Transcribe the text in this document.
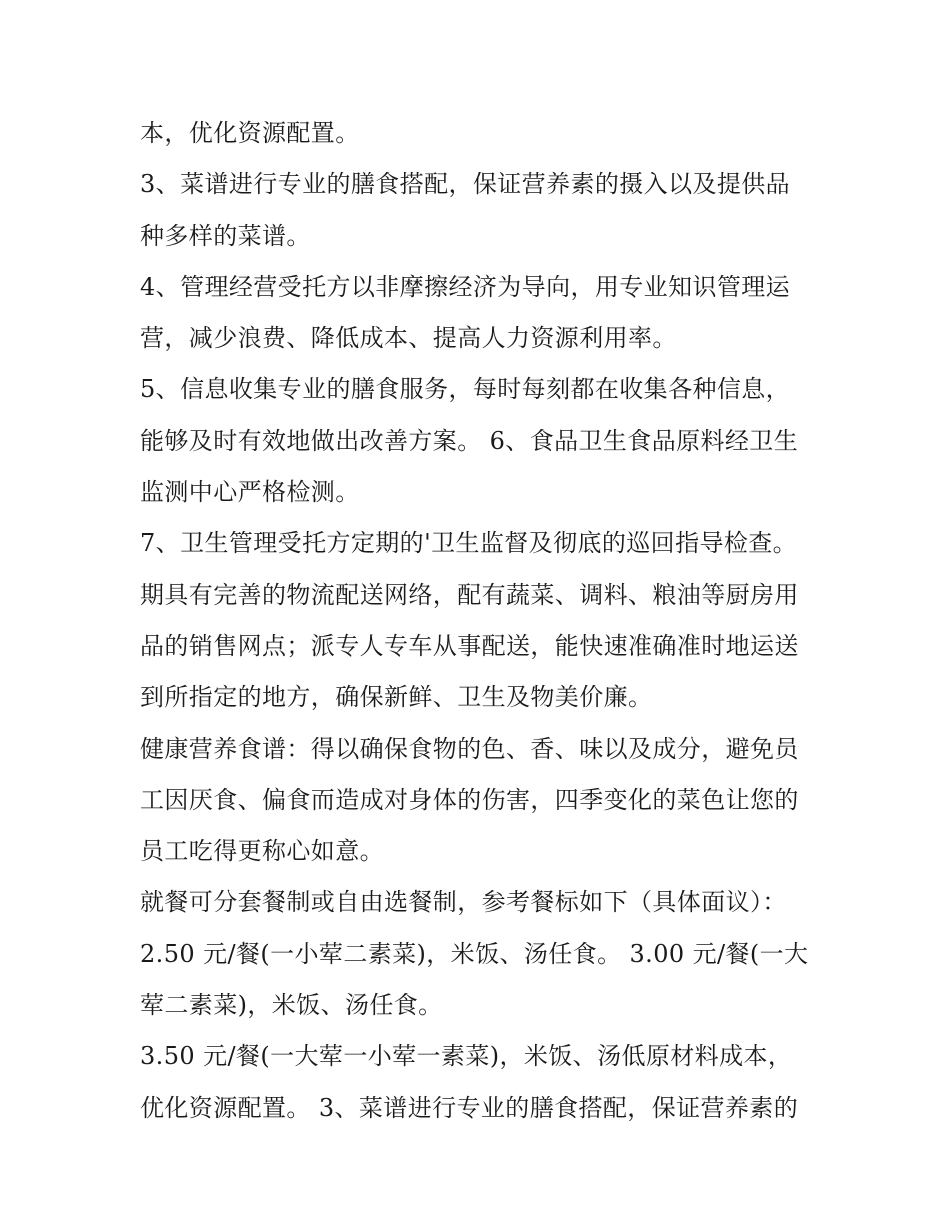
本，优化资源配置。
3、菜谱进行专业的膳食搭配，保证营养素的摄入以及提供品
种多样的菜谱。
4、管理经营受托方以非摩擦经济为导向，用专业知识管理运
营，减少浪费、降低成本、提高人力资源利用率。
5、信息收集专业的膳食服务，每时每刻都在收集各种信息，
能够及时有效地做出改善方案。 6、食品卫生食品原料经卫生
监测中心严格检测。
7、卫生管理受托方定期的'卫生监督及彻底的巡回指导检查。
期具有完善的物流配送网络，配有蔬菜、调料、粮油等厨房用
品的销售网点；派专人专车从事配送，能快速准确准时地运送
到所指定的地方，确保新鲜、卫生及物美价廉。
健康营养食谱：得以确保食物的色、香、味以及成分，避免员
工因厌食、偏食而造成对身体的伤害，四季变化的菜色让您的
员工吃得更称心如意。
就餐可分套餐制或自由选餐制，参考餐标如下（具体面议）：
2.50 元/餐(一小荤二素菜)，米饭、汤任食。 3.00 元/餐(一大
荤二素菜)，米饭、汤任食。
3.50 元/餐(一大荤一小荤一素菜)，米饭、汤低原材料成本，
优化资源配置。 3、菜谱进行专业的膳食搭配，保证营养素的
